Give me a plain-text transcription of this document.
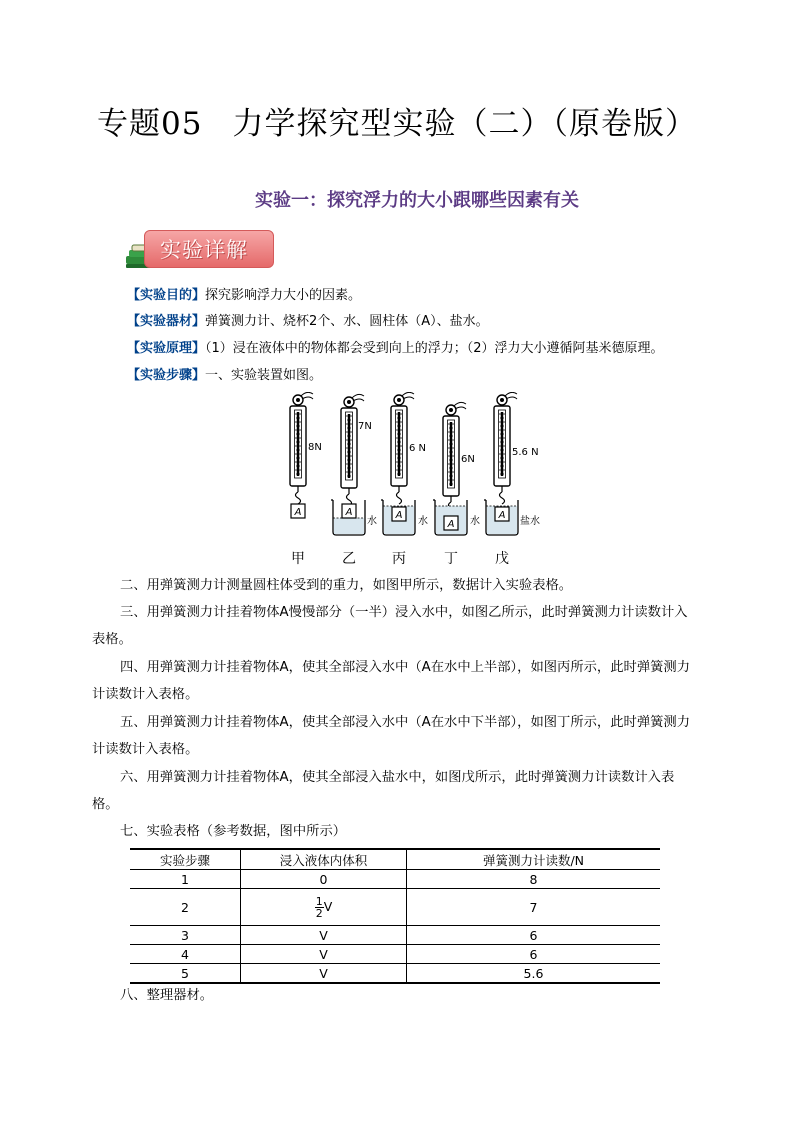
专题05 力学探究型实验（二）（原卷版）
实验一：探究浮力的大小跟哪些因素有关
实验详解
【实验目的】探究影响浮力大小的因素。
【实验器材】弹簧测力计、烧杯2个、水、圆柱体（A）、盐水。
【实验原理】（1）浸在液体中的物体都会受到向上的浮力；（2）浮力大小遵循阿基米德原理。
【实验步骤】一、实验装置如图。
A
8N
A
7N
水
A
6 N
水 A
6N
水
A
5.6 N
盐水
甲	乙	丙	丁	戊
二、用弹簧测力计测量圆柱体受到的重力，如图甲所示，数据计入实验表格。
三、用弹簧测力计挂着物体A慢慢部分（一半）浸入水中，如图乙所示，此时弹簧测力计读数计入表格。
四、用弹簧测力计挂着物体A，使其全部浸入水中（A在水中上半部），如图丙所示，此时弹簧测力计读数计入表格。
五、用弹簧测力计挂着物体A，使其全部浸入水中（A在水中下半部），如图丁所示，此时弹簧测力计读数计入表格。
六、用弹簧测力计挂着物体A，使其全部浸入盐水中，如图戊所示，此时弹簧测力计读数计入表格。
七、实验表格（参考数据，图中所示）
实验步骤	浸入液体内体积	弹簧测力计读数/N
1	0	8
2	$\frac{1}{2}$ V	7
3	V	6
4	V	6
5	V	5.6
八、整理器材。
